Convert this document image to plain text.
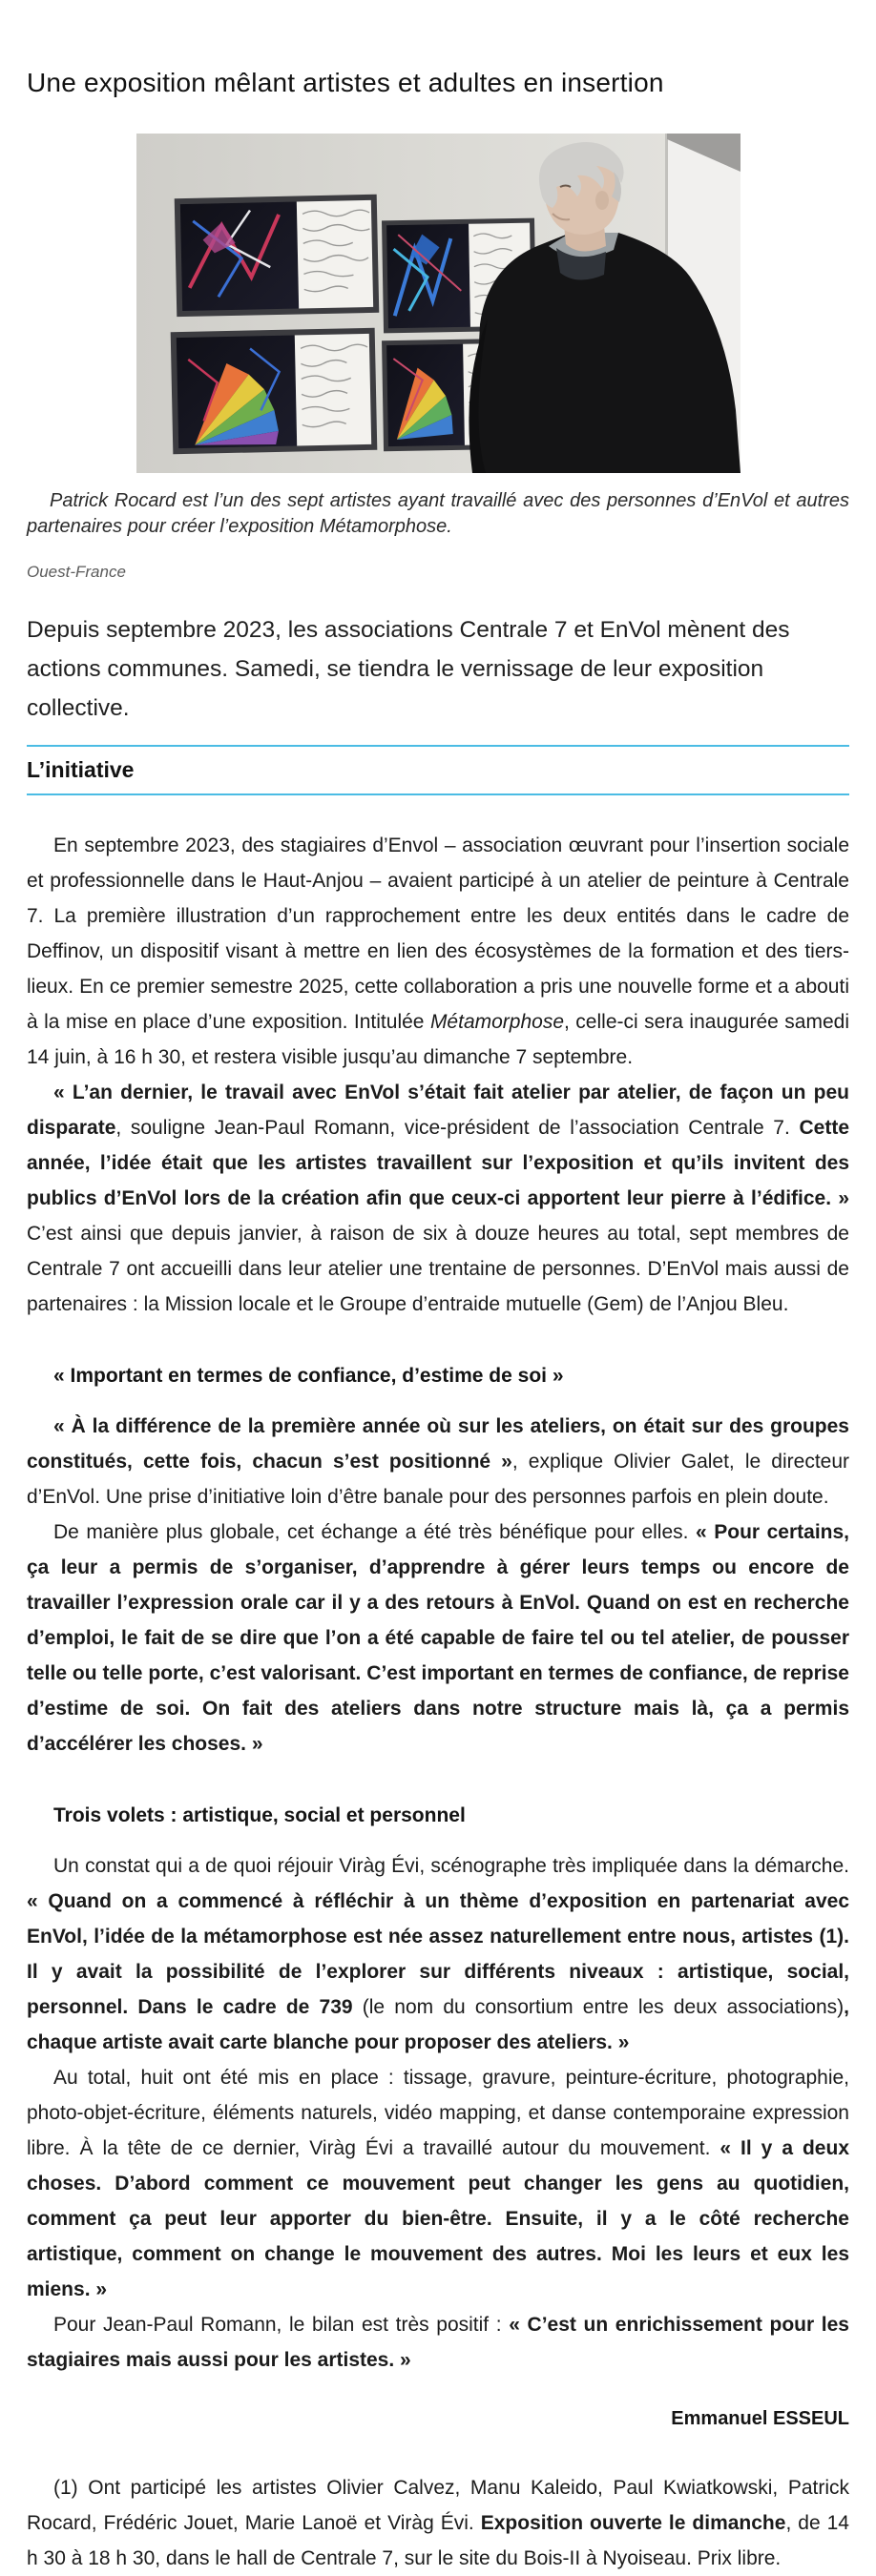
Une exposition mêlant artistes et adultes en insertion
Patrick Rocard est l’un des sept artistes ayant travaillé avec des personnes d’EnVol et autres partenaires pour créer l’exposition Métamorphose.

Ouest-France

Depuis septembre 2023, les associations Centrale 7 et EnVol mènent des actions communes. Samedi, se tiendra le vernissage de leur exposition collective.

L’initiative

En septembre 2023, des stagiaires d’Envol – association œuvrant pour l’insertion sociale et professionnelle dans le Haut-Anjou – avaient participé à un atelier de peinture à Centrale 7. La première illustration d’un rapprochement entre les deux entités dans le cadre de Deffinov, un dispositif visant à mettre en lien des écosystèmes de la formation et des tiers-lieux. En ce premier semestre 2025, cette collaboration a pris une nouvelle forme et a abouti à la mise en place d’une exposition. Intitulée Métamorphose, celle-ci sera inaugurée samedi 14 juin, à 16 h 30, et restera visible jusqu’au dimanche 7 septembre.

« L’an dernier, le travail avec EnVol s’était fait atelier par atelier, de façon un peu disparate, souligne Jean-Paul Romann, vice-président de l’association Centrale 7. Cette année, l’idée était que les artistes travaillent sur l’exposition et qu’ils invitent des publics d’EnVol lors de la création afin que ceux-ci apportent leur pierre à l’édifice. » C’est ainsi que depuis janvier, à raison de six à douze heures au total, sept membres de Centrale 7 ont accueilli dans leur atelier une trentaine de personnes. D’EnVol mais aussi de partenaires : la Mission locale et le Groupe d’entraide mutuelle (Gem) de l’Anjou Bleu.

« Important en termes de confiance, d’estime de soi »

« À la différence de la première année où sur les ateliers, on était sur des groupes constitués, cette fois, chacun s’est positionné », explique Olivier Galet, le directeur d’EnVol. Une prise d’initiative loin d’être banale pour des personnes parfois en plein doute.

De manière plus globale, cet échange a été très bénéfique pour elles. « Pour certains, ça leur a permis de s’organiser, d’apprendre à gérer leurs temps ou encore de travailler l’expression orale car il y a des retours à EnVol. Quand on est en recherche d’emploi, le fait de se dire que l’on a été capable de faire tel ou tel atelier, de pousser telle ou telle porte, c’est valorisant. C’est important en termes de confiance, de reprise d’estime de soi. On fait des ateliers dans notre structure mais là, ça a permis d’accélérer les choses. »

Trois volets : artistique, social et personnel

Un constat qui a de quoi réjouir Viràg Évi, scénographe très impliquée dans la démarche. « Quand on a commencé à réfléchir à un thème d’exposition en partenariat avec EnVol, l’idée de la métamorphose est née assez naturellement entre nous, artistes (1). Il y avait la possibilité de l’explorer sur différents niveaux : artistique, social, personnel. Dans le cadre de 739 (le nom du consortium entre les deux associations), chaque artiste avait carte blanche pour proposer des ateliers. »

Au total, huit ont été mis en place : tissage, gravure, peinture-écriture, photographie, photo-objet-écriture, éléments naturels, vidéo mapping, et danse contemporaine expression libre. À la tête de ce dernier, Viràg Évi a travaillé autour du mouvement. « Il y a deux choses. D’abord comment ce mouvement peut changer les gens au quotidien, comment ça peut leur apporter du bien-être. Ensuite, il y a le côté recherche artistique, comment on change le mouvement des autres. Moi les leurs et eux les miens. »

Pour Jean-Paul Romann, le bilan est très positif : « C’est un enrichissement pour les stagiaires mais aussi pour les artistes. »

Emmanuel ESSEUL

(1) Ont participé les artistes Olivier Calvez, Manu Kaleido, Paul Kwiatkowski, Patrick Rocard, Frédéric Jouet, Marie Lanoë et Viràg Évi. Exposition ouverte le dimanche, de 14 h 30 à 18 h 30, dans le hall de Centrale 7, sur le site du Bois-II à Nyoiseau. Prix libre.
